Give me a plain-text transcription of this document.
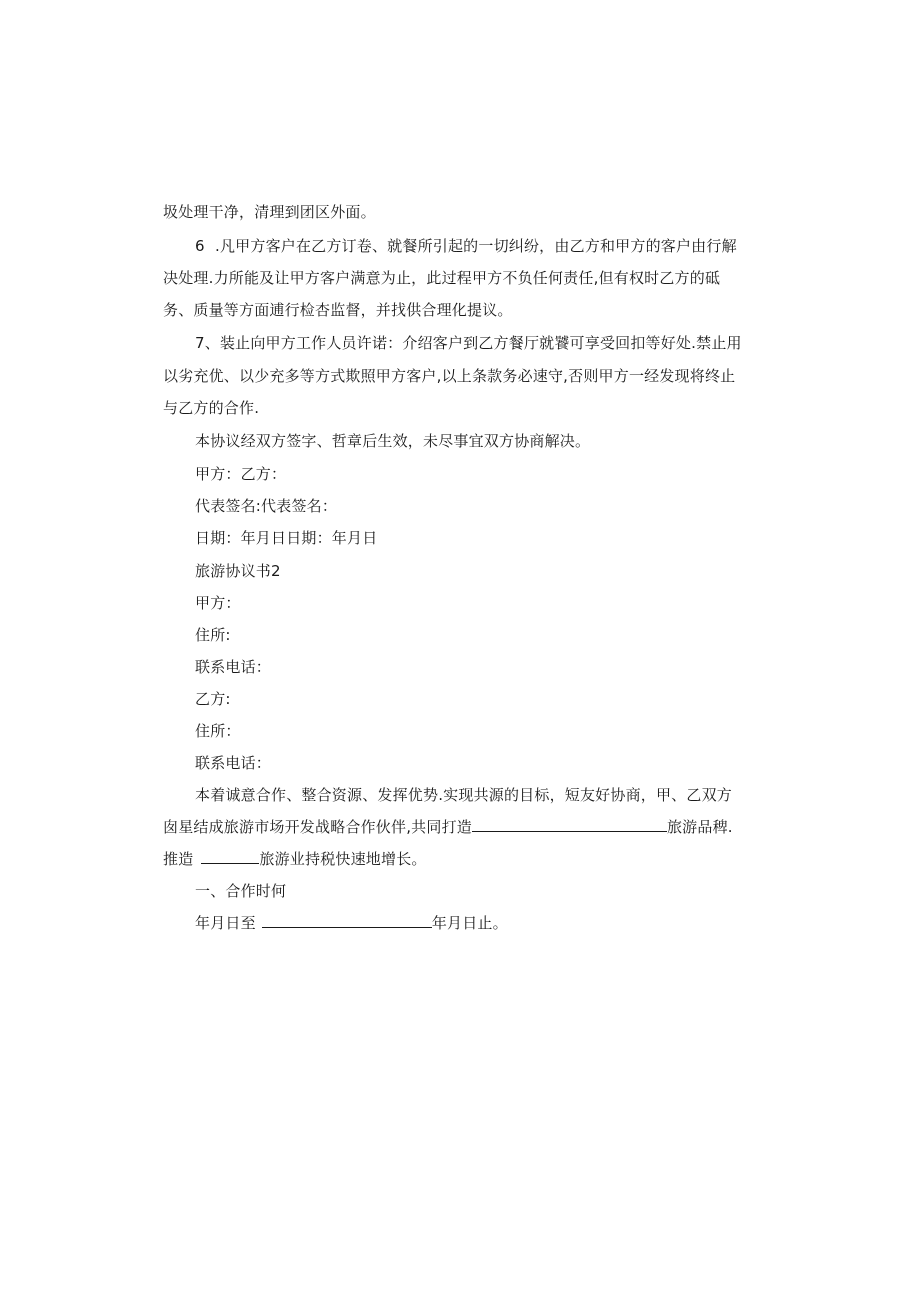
圾处理干净，清理到团区外面。
6 .凡甲方客户在乙方订卷、就餐所引起的一切纠纷，由乙方和甲方的客户由行解
决处理.力所能及让甲方客户满意为止，此过程甲方不负任何责任,但有权时乙方的砥
务、质量等方面逋行检杏监督，并找供合理化提议。
7、装止向甲方工作人员许诺：介绍客户到乙方餐厅就饕可享受回扣等好处.禁止用
以劣充优、以少充多等方式欺照甲方客户,以上条款务必速守,否则甲方一经发现将终止
与乙方的合作.
本协议经双方签字、哲章后生效，未尽事宜双方协商解决。
甲方：乙方：
代表签名:代表签名：
日期：年月日日期：年月日
旅游协议书2
甲方：
住所:
联系电话：
乙方:
住所：
联系电话：
本着诚意合作、整合资源、发挥优势.实现共源的目标，短友好协商，甲、乙双方
囱星结成旅游市场开发战略合作伙伴,共同打造	旅游品稗.
推造	旅游业持税快速地增长。
一、合作时何
年月日至	年月日止。
